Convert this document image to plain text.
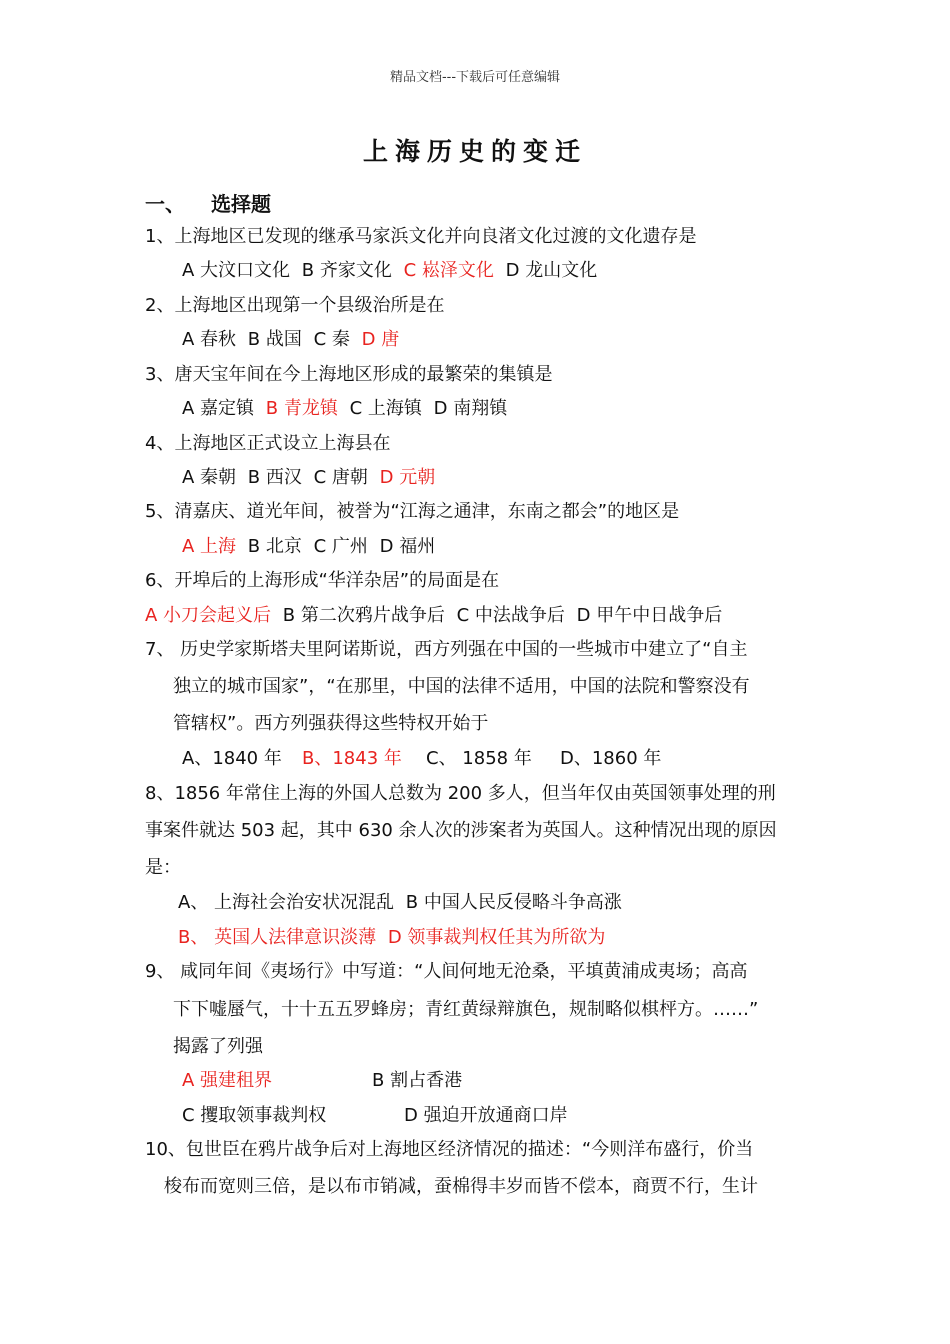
精品文档---下载后可任意编辑
上海历史的变迁
一、 选择题
1、上海地区已发现的继承马家浜文化并向良渚文化过渡的文化遗存是
A 大汶口文化 B 齐家文化 C 崧泽文化 D 龙山文化
2、上海地区出现第一个县级治所是在
A 春秋 B 战国 C 秦 D 唐
3、唐天宝年间在今上海地区形成的最繁荣的集镇是
A 嘉定镇 B 青龙镇 C 上海镇 D 南翔镇
4、上海地区正式设立上海县在
A 秦朝 B 西汉 C 唐朝 D 元朝
5、清嘉庆、道光年间，被誉为“江海之通津，东南之都会”的地区是
A 上海 B 北京 C 广州 D 福州
6、开埠后的上海形成“华洋杂居”的局面是在
A 小刀会起义后 B 第二次鸦片战争后 C 中法战争后 D 甲午中日战争后
7、 历史学家斯塔夫里阿诺斯说，西方列强在中国的一些城市中建立了“自主
独立的城市国家”，“在那里，中国的法律不适用，中国的法院和警察没有
管辖权”。西方列强获得这些特权开始于
A、1840 年 B、1843 年 C、 1858 年 D、1860 年
8、1856 年常住上海的外国人总数为 200 多人，但当年仅由英国领事处理的刑
事案件就达 503 起，其中 630 余人次的涉案者为英国人。这种情况出现的原因
是：
A、 上海社会治安状况混乱 B 中国人民反侵略斗争高涨
B、 英国人法律意识淡薄 D 领事裁判权任其为所欲为
9、 咸同年间《夷场行》中写道：“人间何地无沧桑，平填黄浦成夷场；高高
下下嘘蜃气，十十五五罗蜂房；青红黄绿辩旗色，规制略似棋枰方。……”
揭露了列强
A 强建租界	B 割占香港
C 攫取领事裁判权	D 强迫开放通商口岸
10、包世臣在鸦片战争后对上海地区经济情况的描述：“今则洋布盛行，价当
梭布而宽则三倍，是以布市销减，蚕棉得丰岁而皆不偿本，商贾不行，生计
